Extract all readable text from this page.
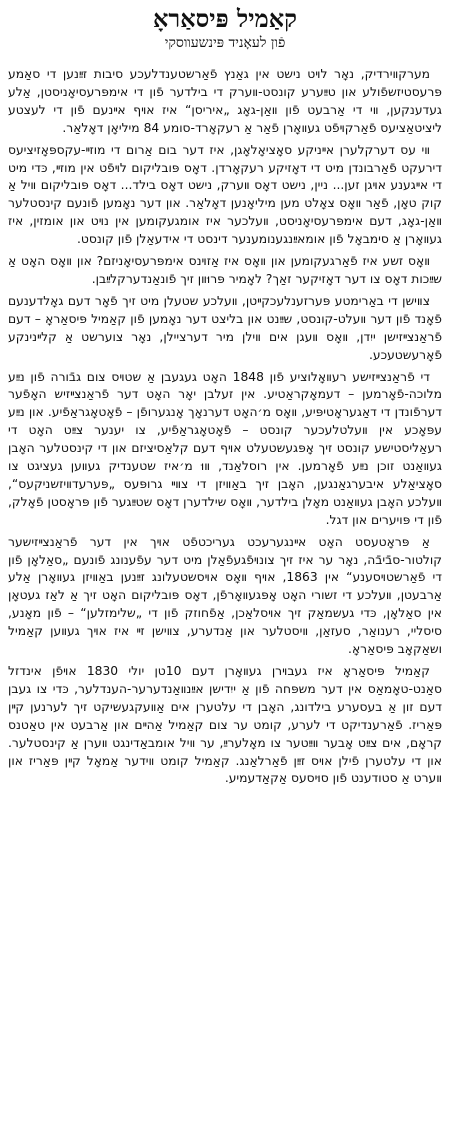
קאַמיל פּיסאַראָ
פֿון לעאָניד פּינשעװסקי

מערקװירדיק, נאָר לױט נישט אין גאַנץ פֿאַרשטענדלעכע סיבות זײַנען די סאַמע פּרעסטיזשפֿולע און טײַערע קונסט-װערק די בילדער פֿון די אימפּרעסיאָניסטן, אַלע געדענקען, װי די אַרבעט פֿון װאַן-גאָג „איריסן“ איז אױף אײנעם פֿון די לעצטע ליציטאַציעס פֿאַרקױפֿט געװאָרן פֿאַר אַ רעקאָרד-סומע 84 מיליאָן דאָלאַר.

װי עס דערקלערן אײניקע סאָציאָלאָגן, איז דער בום אַרום די מוזײ-עקספּאָזיציעס דירעקט פֿאַרבונדן מיט די דאָזיקע רעקאָרדן. דאָס פּובליקום לױפֿט אין מוזײ, כּדי מיט די אײגענע אױגן זען... ניין, נישט דאָס װערק, נישט דאָס בילד... דאָס פּובליקום װיל אַ קוק טאָן, פֿאַר װאָס צאָלט מען מיליאָנען דאָלאַר. און דער נאָמען פֿונעם קינסטלער װאַן-גאָג, דעם אימפּרעסיאָניסט, װעלכער איז אומגעקומען אין נױט און אומזין, איז געװאָרן אַ סימבאָל פֿון אומאײַנגענומענער דינסט די אידעאַלן פֿון קונסט.

װאָס זשע איז פֿאַרגעקומען און װאָס איז אַזױנס אימפּרעסיאָניזם? און װאָס האָט אַ שײַכות דאָס צו דער דאָזיקער זאַך? לאָמיר פּרוּװן זיך פֿונאַנדערקלײַבן.

צװישן די באַרימטע פּערזענלעכקײטן, װעלכע שטעלן מיט זיך פֿאָר דעם גאָלדענעם פֿאָנד פֿון דער װעלט-קונסט, שײַנט און בליצט דער נאָמען פֿון קאַמיל פּיסאַראָ – דעם פֿראַנצײזישן ייִדן, װאָס װעגן אים װילן מיר דערציילן, נאָר צוערשט אַ קלײנינקע פֿאָרעשטעכע.

די פֿראַנצײזישע רעװאָלוציע פֿון 1848 האָט געגעבן אַ שטױס צום גבֿורה פֿון נײַע מלוכה-פֿאָרמען – דעמאָקראַטיע. אין זעלבן יאָר האָט דער פֿראַנצײזיש האָפֿער דערפֿונדן די דאַגעראָטיפּיע, װאָס מ׳האָט דערנאָך אָנגערופֿן – פֿאָטאָגראַפֿיע. און נײַע עפּאָכע אין װעלטלעכער קונסט – פֿאָטאָגראַפֿיע, צו יענער צײַט האָט די רעאַליסטישע קונסט זיך אָפּגעשטעלט אױף דעם קלאַסיציזם און די קינסטלער האָבן געװאַנט זוכן נײַע פֿאָרמען. אין רוסלאַנד, װוּ מ׳איז שטענדיק געװען געציגט צו סאָציאַלע איבערגאַנגען, האָבן זיך באַװיזן די צװײ גרופּעס „פּערעדװיזשניקעס“, װעלכע האָבן געװאַנט מאָלן בילדער, װאָס שילדערן דאָס שטײַגער פֿון פּראָסטן פֿאָלק, פֿון די פּויערים און דגל.

אַ פּראָטעסט האָט אײנגערעכט געריכטפֿט אױך אין דער פֿראַנצײזישער קולטור-סבֿיבֿה, נאָר ער איז זיך צונױפֿגעפֿאַלן מיט דער עפֿענונג פֿונעם „סאַלאָן פֿון די פֿאַרשטױסענע“ אין 1863, אױף װאָס אױסשטעלונג זײַנען באַװיזן געװאָרן אַלע אַרבעטן, װעלכע די זשורי האָט אָפּגעװאָרפֿן, דאָס פּובליקום האָט זיך אַ לאַז געטאָן אין סאַלאָן, כּדי געשמאַק זיך אױסלאַכן, אַפֿחוזק פֿון די „שלימזלען“ – פֿון מאָנע, סיסליי, רענואַר, סעזאַן, װיסטלער און אַנדערע, צװישן זײ איז אױך געװען קאַמיל ושאַקאָב פּיסאַראָ.

קאַמיל פּיסאַראָ איז געבױרן געװאָרן דעם 10טן יולי 1830 אױפֿן אינדזל סאַנט-טאָמאַס אין דער משפּחה פֿון אַ ייִדישן אײַנװאַנדערער-הענדלער, כּדי צו געבן דעם זון אַ בעסערע בילדונג, האָבן די עלטערן אים אַװעקגעשיקט זיך לערנען קײן פּאַריז. פֿאַרענדיקט די לערע, קומט ער צום קאַמיל אַהײם און אַרבעט אין טאַטנס קראָם, אים צײַט אָבער װײַטער צו מאָלערײַ, ער װיל אומבאַדינגט װערן אַ קינסטלער. און די עלטערן פֿילן אױס זײַן פֿאַרלאַנג. קאַמיל קומט װידער אַמאָל קײן פּאַריז און װערט אַ סטודענט פֿון סוּיסעס אַקאַדעמיע.
